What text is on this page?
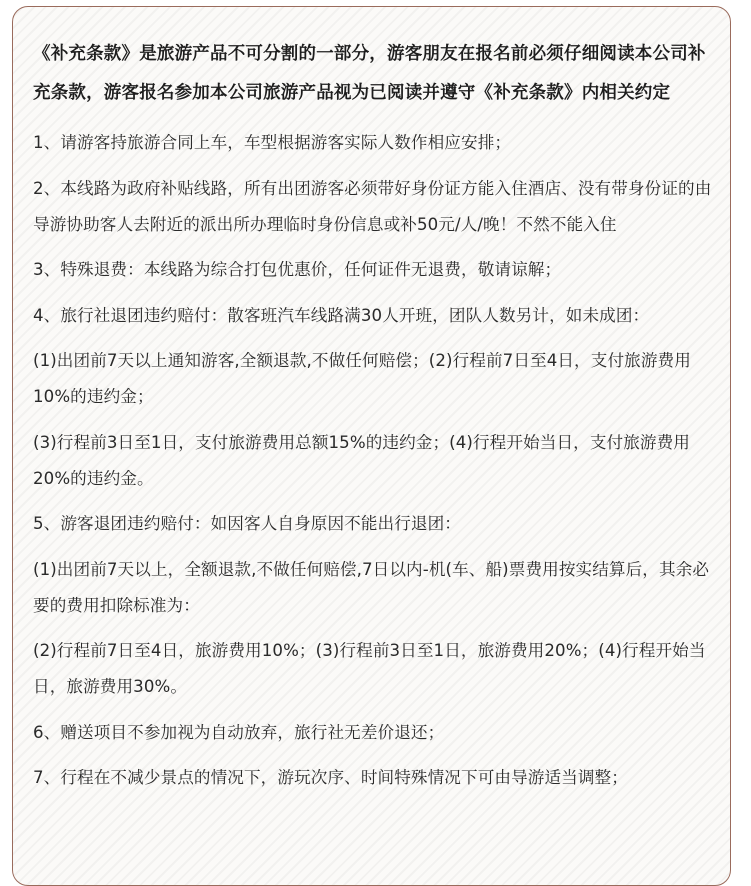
《补充条款》是旅游产品不可分割的一部分，游客朋友在报名前必须仔细阅读本公司补充条款，游客报名参加本公司旅游产品视为已阅读并遵守《补充条款》内相关约定

1、请游客持旅游合同上车，车型根据游客实际人数作相应安排；

2、本线路为政府补贴线路，所有出团游客必须带好身份证方能入住酒店、没有带身份证的由导游协助客人去附近的派出所办理临时身份信息或补50元/人/晚！不然不能入住

3、特殊退费：本线路为综合打包优惠价，任何证件无退费，敬请谅解；

4、旅行社退团违约赔付：散客班汽车线路满30人开班，团队人数另计，如未成团：

(1)出团前7天以上通知游客,全额退款,不做任何赔偿；(2)行程前7日至4日，支付旅游费用10%的违约金；

(3)行程前3日至1日，支付旅游费用总额15%的违约金；(4)行程开始当日，支付旅游费用20%的违约金。

5、游客退团违约赔付：如因客人自身原因不能出行退团：

(1)出团前7天以上，全额退款,不做任何赔偿,7日以内-机(车、船)票费用按实结算后，其余必要的费用扣除标准为：

(2)行程前7日至4日，旅游费用10%；(3)行程前3日至1日，旅游费用20%；(4)行程开始当日，旅游费用30%。

6、赠送项目不参加视为自动放弃，旅行社无差价退还；

7、行程在不减少景点的情况下，游玩次序、时间特殊情况下可由导游适当调整；
